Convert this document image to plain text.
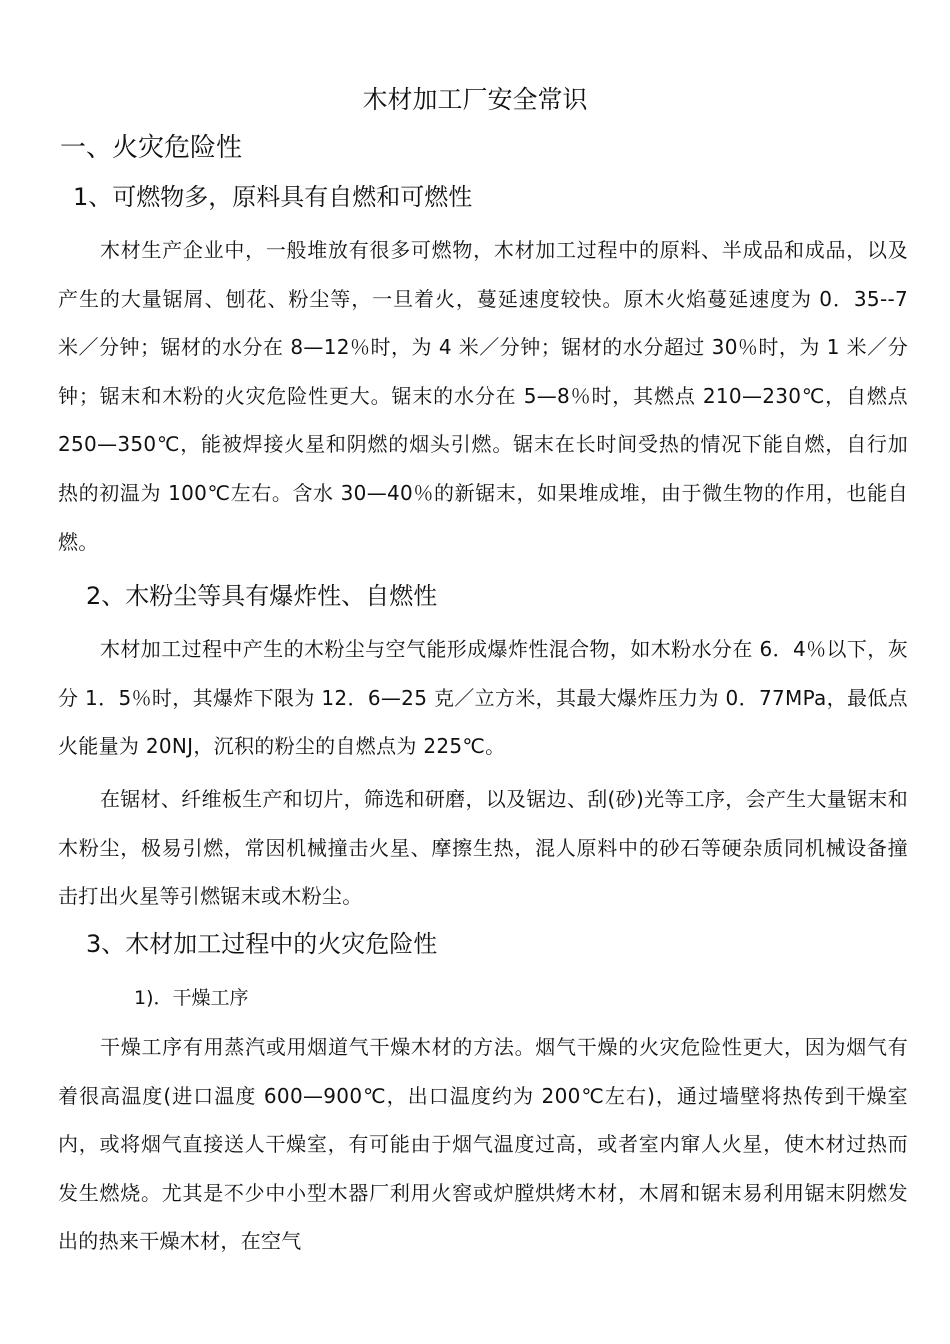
木材加工厂安全常识
一、火灾危险性
1、可燃物多，原料具有自燃和可燃性
木材生产企业中，一般堆放有很多可燃物，木材加工过程中的原料、半成品和成品，以及产生的大量锯屑、刨花、粉尘等，一旦着火，蔓延速度较快。原木火焰蔓延速度为 0．35--7 米／分钟；锯材的水分在 8—12％时，为 4 米／分钟；锯材的水分超过 30％时，为 1 米／分钟；锯末和木粉的火灾危险性更大。锯末的水分在 5—8％时，其燃点 210—230℃，自燃点 250—350℃，能被焊接火星和阴燃的烟头引燃。锯末在长时间受热的情况下能自燃，自行加热的初温为 100℃左右。含水 30—40％的新锯末，如果堆成堆，由于微生物的作用，也能自燃。
2、木粉尘等具有爆炸性、自燃性
木材加工过程中产生的木粉尘与空气能形成爆炸性混合物，如木粉水分在 6．4％以下，灰分 1．5％时，其爆炸下限为 12．6—25 克／立方米，其最大爆炸压力为 0．77MPa，最低点火能量为 20NJ，沉积的粉尘的自燃点为 225℃。
在锯材、纤维板生产和切片，筛选和研磨，以及锯边、刮(砂)光等工序，会产生大量锯末和木粉尘，极易引燃，常因机械撞击火星、摩擦生热，混人原料中的砂石等硬杂质同机械设备撞击打出火星等引燃锯末或木粉尘。
3、木材加工过程中的火灾危险性
1)．干燥工序
干燥工序有用蒸汽或用烟道气干燥木材的方法。烟气干燥的火灾危险性更大，因为烟气有着很高温度(进口温度 600—900℃，出口温度约为 200℃左右)，通过墙壁将热传到干燥室内，或将烟气直接送人干燥室，有可能由于烟气温度过高，或者室内窜人火星，使木材过热而发生燃烧。尤其是不少中小型木器厂利用火窖或炉膛烘烤木材，木屑和锯末易利用锯末阴燃发出的热来干燥木材，在空气
